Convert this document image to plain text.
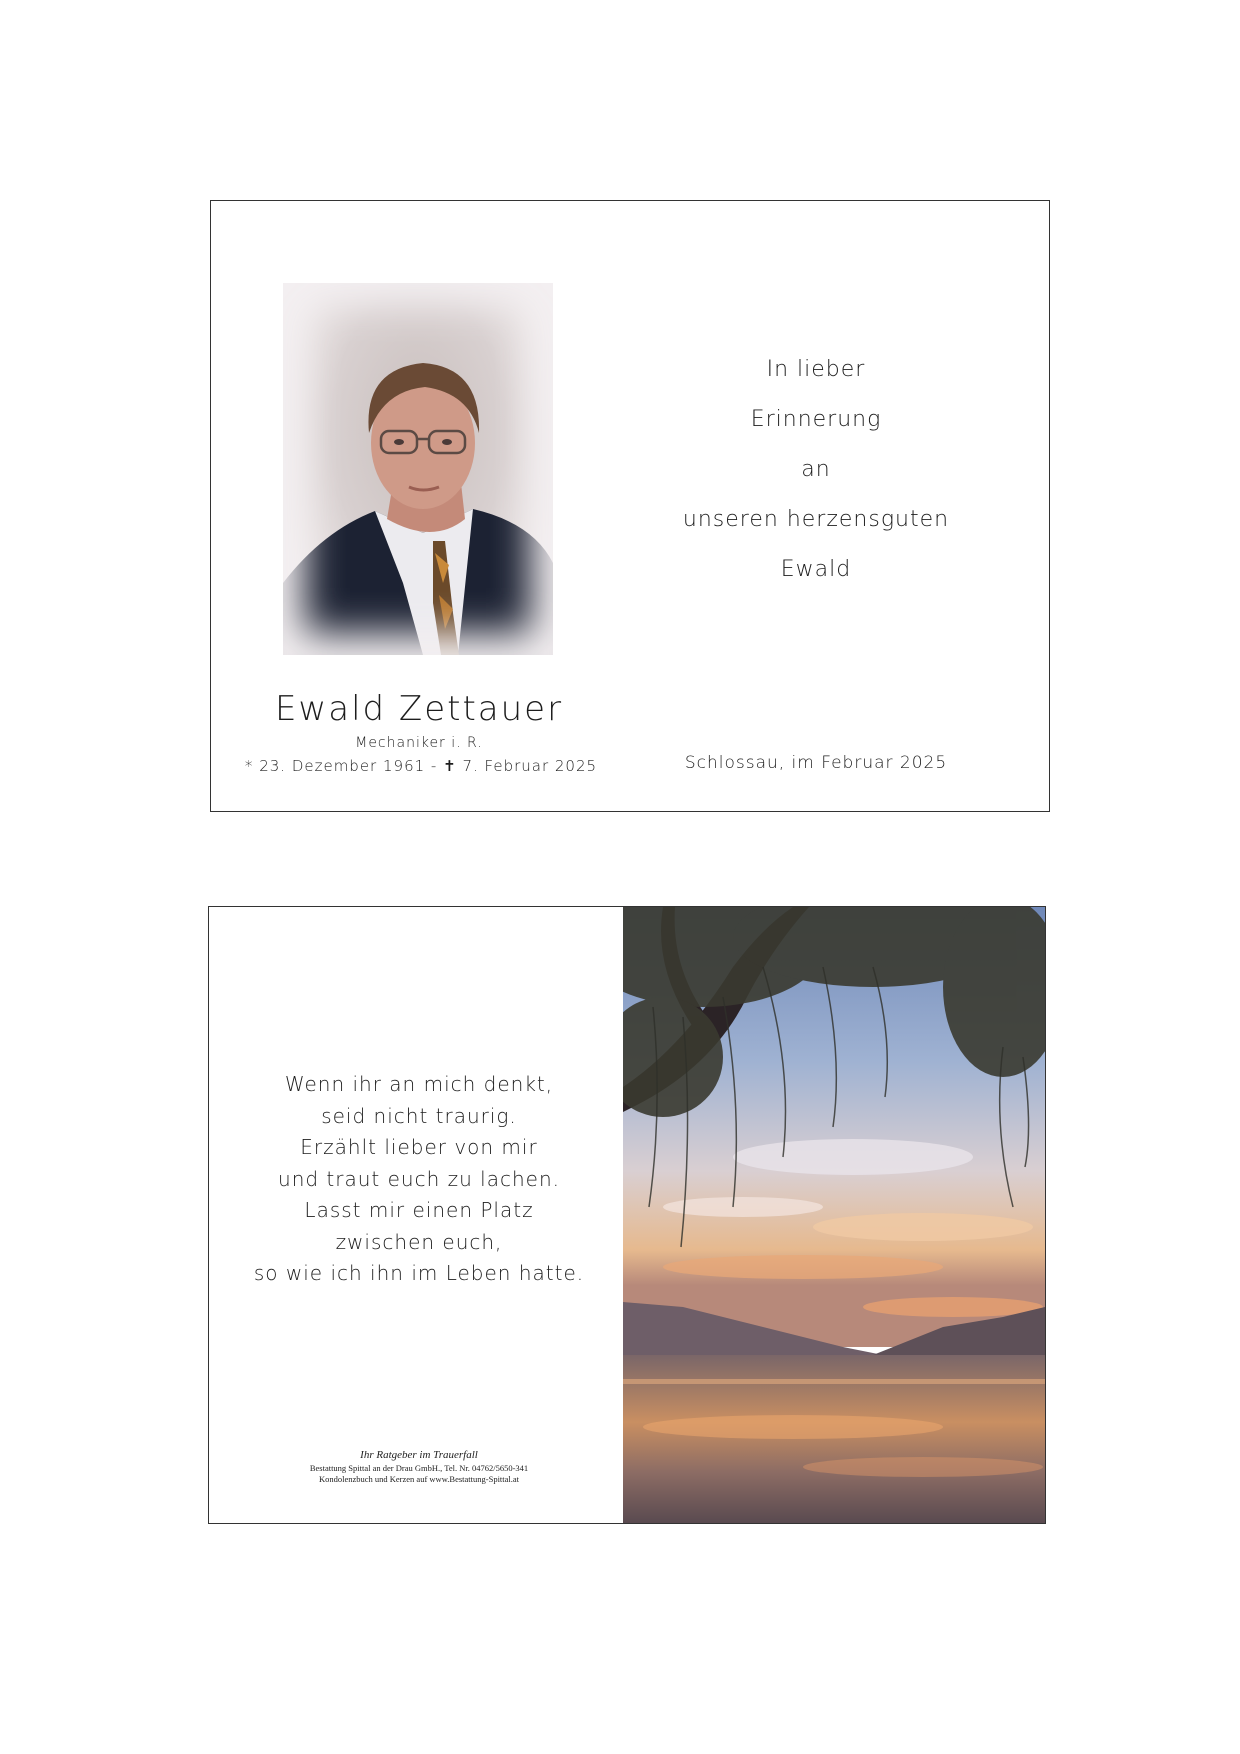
Ewald Zettauer
Mechaniker i. R.
* 23. Dezember 1961 - ✝ 7. Februar 2025
In lieber
Erinnerung
an
unseren herzensguten
Ewald
Schlossau, im Februar 2025
Wenn ihr an mich denkt,
seid nicht traurig.
Erzählt lieber von mir
und traut euch zu lachen.
Lasst mir einen Platz
zwischen euch,
so wie ich ihn im Leben hatte.
Ihr Ratgeber im Trauerfall
Bestattung Spittal an der Drau GmbH., Tel. Nr. 04762/5650-341
Kondolenzbuch und Kerzen auf www.Bestattung-Spittal.at
